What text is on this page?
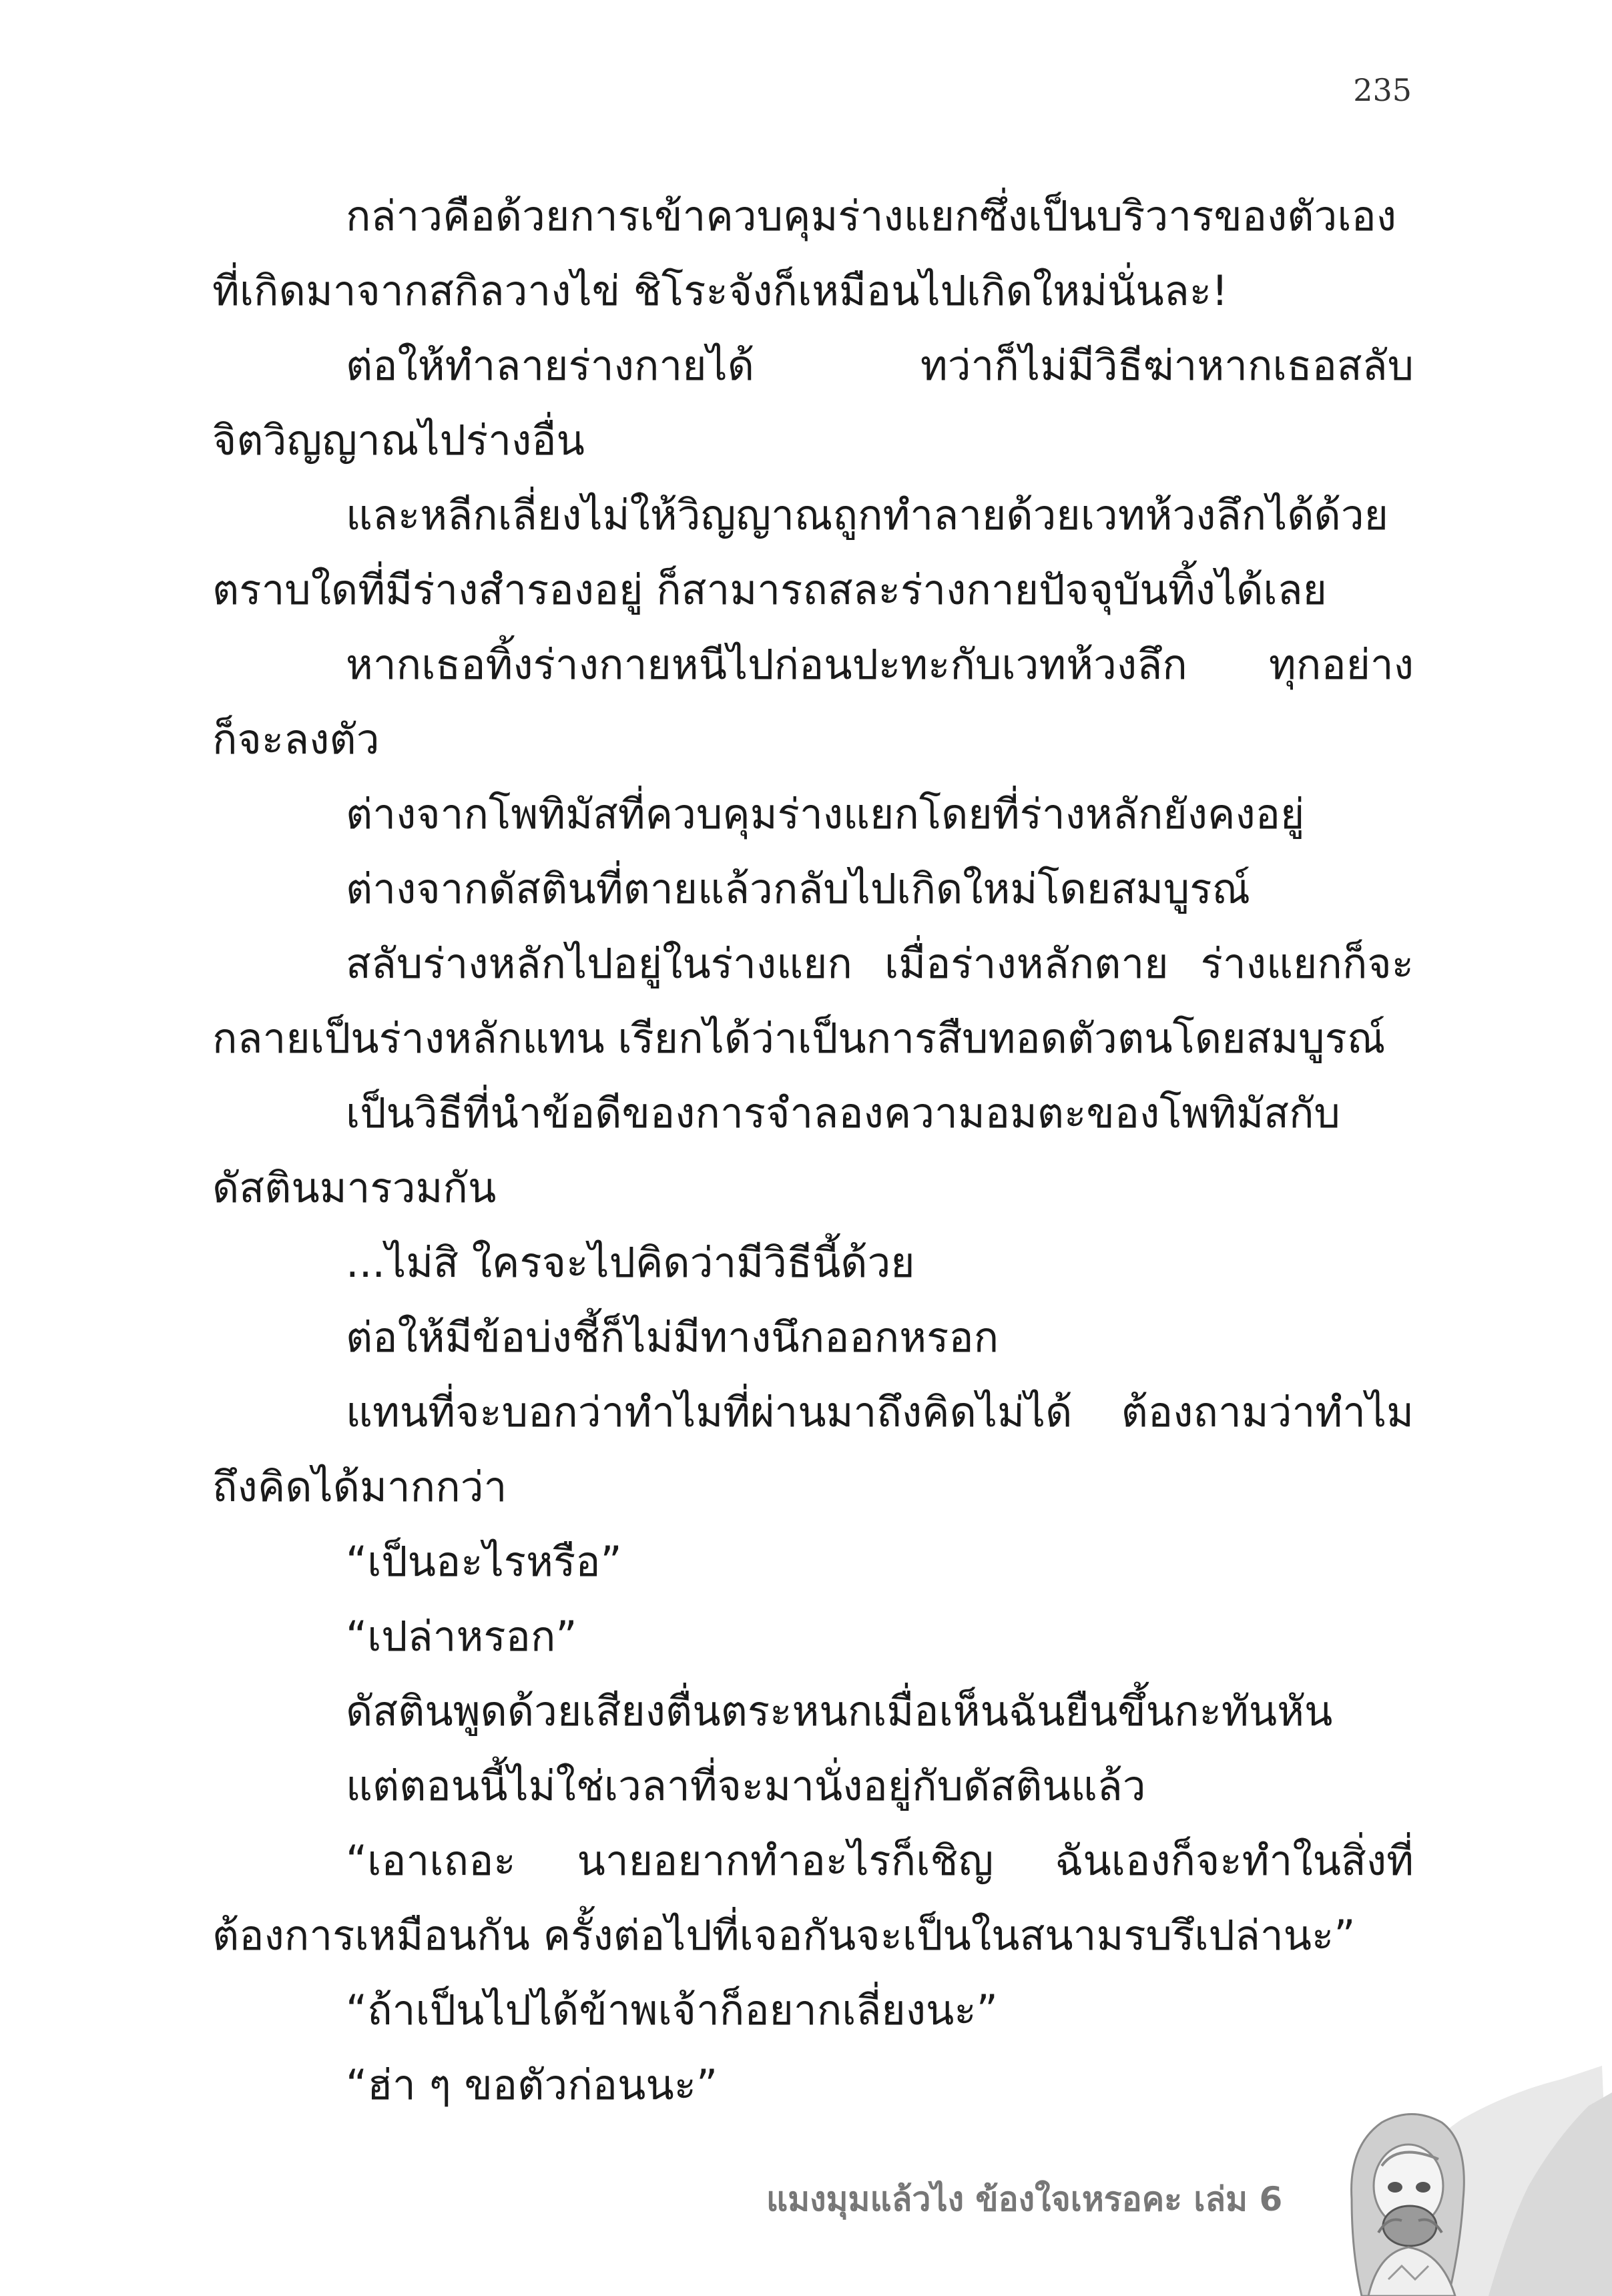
235
กล่าวคือด้วยการเข้าควบคุมร่างแยกซึ่งเป็นบริวารของตัวเอง
ที่เกิดมาจากสกิลวางไข่ ชิโระจังก็เหมือนไปเกิดใหม่นั่นละ!
ต่อให้ทำลายร่างกายได้ ทว่าก็ไม่มีวิธีฆ่าหากเธอสลับ
จิตวิญญาณไปร่างอื่น
และหลีกเลี่ยงไม่ให้วิญญาณถูกทำลายด้วยเวทห้วงลึกได้ด้วย
ตราบใดที่มีร่างสำรองอยู่ ก็สามารถสละร่างกายปัจจุบันทิ้งได้เลย
หากเธอทิ้งร่างกายหนีไปก่อนปะทะกับเวทห้วงลึก ทุกอย่าง
ก็จะลงตัว
ต่างจากโพทิมัสที่ควบคุมร่างแยกโดยที่ร่างหลักยังคงอยู่
ต่างจากดัสตินที่ตายแล้วกลับไปเกิดใหม่โดยสมบูรณ์
สลับร่างหลักไปอยู่ในร่างแยก เมื่อร่างหลักตาย ร่างแยกก็จะ
กลายเป็นร่างหลักแทน เรียกได้ว่าเป็นการสืบทอดตัวตนโดยสมบูรณ์
เป็นวิธีที่นำข้อดีของการจำลองความอมตะของโพทิมัสกับ
ดัสตินมารวมกัน
...ไม่สิ ใครจะไปคิดว่ามีวิธีนี้ด้วย
ต่อให้มีข้อบ่งชี้ก็ไม่มีทางนึกออกหรอก
แทนที่จะบอกว่าทำไมที่ผ่านมาถึงคิดไม่ได้ ต้องถามว่าทำไม
ถึงคิดได้มากกว่า
“เป็นอะไรหรือ”
“เปล่าหรอก”
ดัสตินพูดด้วยเสียงตื่นตระหนกเมื่อเห็นฉันยืนขึ้นกะทันหัน
แต่ตอนนี้ไม่ใช่เวลาที่จะมานั่งอยู่กับดัสตินแล้ว
“เอาเถอะ นายอยากทำอะไรก็เชิญ ฉันเองก็จะทำในสิ่งที่
ต้องการเหมือนกัน ครั้งต่อไปที่เจอกันจะเป็นในสนามรบรึเปล่านะ”
“ถ้าเป็นไปได้ข้าพเจ้าก็อยากเลี่ยงนะ”
“ฮ่า ๆ ขอตัวก่อนนะ”
แมงมุมแล้วไง ข้องใจเหรอคะ เล่ม 6
